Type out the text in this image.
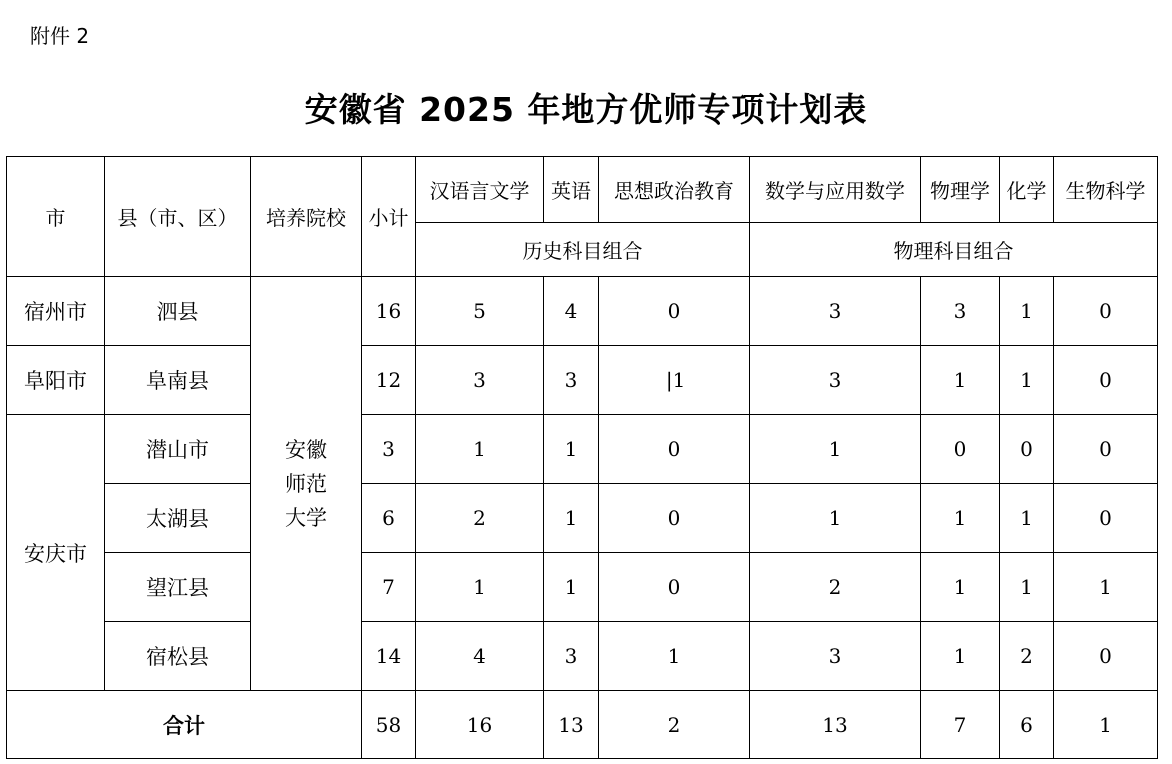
附件 2
安徽省 2025 年地方优师专项计划表
市	县（市、区）	培养院校	小计	汉语言文学	英语	思想政治教育	数学与应用数学	物理学	化学	生物科学
				历史科目组合			物理科目组合			
宿州市	泗县	安徽
师范
大学	16	5	4	0	3	3	1	0
阜阳市	阜南县		12	3	3	|1	3	1	1	0
安庆市	潜山市		3	1	1	0	1	0	0	0
	太湖县		6	2	1	0	1	1	1	0
	望江县		7	1	1	0	2	1	1	1
	宿松县		14	4	3	1	3	1	2	0
合计			58	16	13	2	13	7	6	1
